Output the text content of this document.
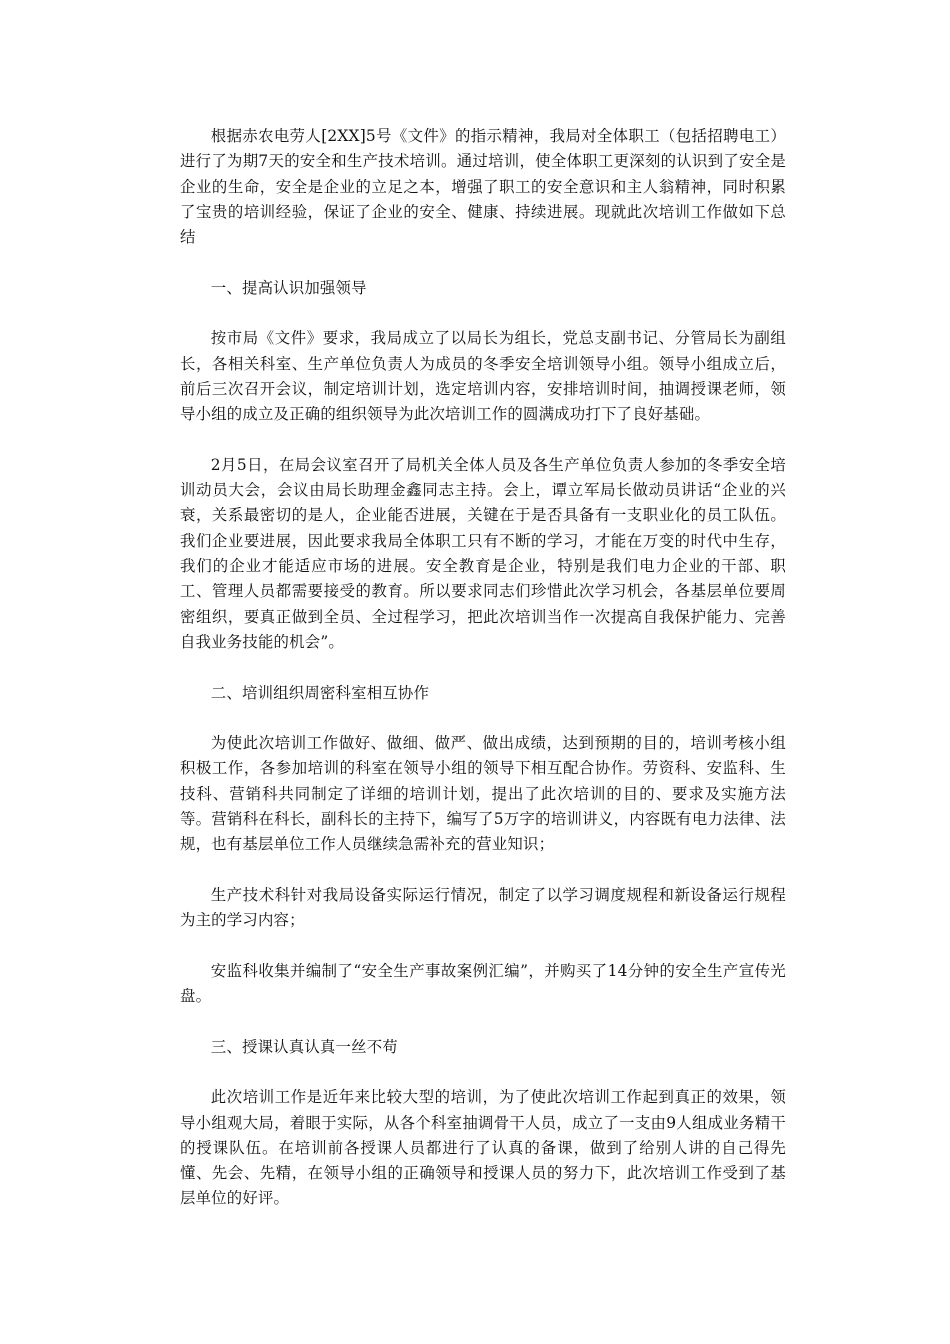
根据赤农电劳人[2XX]5号《文件》的指示精神，我局对全体职工（包括招聘电工）进行了为期7天的安全和生产技术培训。通过培训，使全体职工更深刻的认识到了安全是企业的生命，安全是企业的立足之本，增强了职工的安全意识和主人翁精神，同时积累了宝贵的培训经验，保证了企业的安全、健康、持续进展。现就此次培训工作做如下总结

一、提高认识加强领导

按市局《文件》要求，我局成立了以局长为组长，党总支副书记、分管局长为副组长，各相关科室、生产单位负责人为成员的冬季安全培训领导小组。领导小组成立后，前后三次召开会议，制定培训计划，选定培训内容，安排培训时间，抽调授课老师，领导小组的成立及正确的组织领导为此次培训工作的圆满成功打下了良好基础。

2月5日，在局会议室召开了局机关全体人员及各生产单位负责人参加的冬季安全培训动员大会，会议由局长助理金鑫同志主持。会上，谭立军局长做动员讲话“企业的兴衰，关系最密切的是人，企业能否进展，关键在于是否具备有一支职业化的员工队伍。我们企业要进展，因此要求我局全体职工只有不断的学习，才能在万变的时代中生存，我们的企业才能适应市场的进展。安全教育是企业，特别是我们电力企业的干部、职工、管理人员都需要接受的教育。所以要求同志们珍惜此次学习机会，各基层单位要周密组织，要真正做到全员、全过程学习，把此次培训当作一次提高自我保护能力、完善自我业务技能的机会”。

二、培训组织周密科室相互协作

为使此次培训工作做好、做细、做严、做出成绩，达到预期的目的，培训考核小组积极工作，各参加培训的科室在领导小组的领导下相互配合协作。劳资科、安监科、生技科、营销科共同制定了详细的培训计划，提出了此次培训的目的、要求及实施方法等。营销科在科长，副科长的主持下，编写了5万字的培训讲义，内容既有电力法律、法规，也有基层单位工作人员继续急需补充的营业知识；

生产技术科针对我局设备实际运行情况，制定了以学习调度规程和新设备运行规程为主的学习内容；

安监科收集并编制了“安全生产事故案例汇编”，并购买了14分钟的安全生产宣传光盘。

三、授课认真认真一丝不苟

此次培训工作是近年来比较大型的培训，为了使此次培训工作起到真正的效果，领导小组观大局，着眼于实际，从各个科室抽调骨干人员，成立了一支由9人组成业务精干的授课队伍。在培训前各授课人员都进行了认真的备课，做到了给别人讲的自己得先懂、先会、先精，在领导小组的正确领导和授课人员的努力下，此次培训工作受到了基层单位的好评。
